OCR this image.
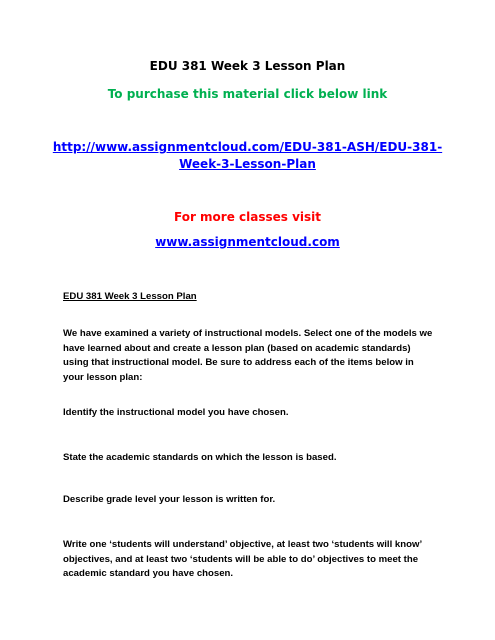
EDU 381 Week 3 Lesson Plan
To purchase this material click below link
http://www.assignmentcloud.com/EDU-381-ASH/EDU-381-Week-3-Lesson-Plan
For more classes visit
www.assignmentcloud.com

EDU 381 Week 3 Lesson Plan

We have examined a variety of instructional models. Select one of the models we have learned about and create a lesson plan (based on academic standards) using that instructional model. Be sure to address each of the items below in your lesson plan:

Identify the instructional model you have chosen.

State the academic standards on which the lesson is based.

Describe grade level your lesson is written for.

Write one ‘students will understand’ objective, at least two ‘students will know’ objectives, and at least two ‘students will be able to do’ objectives to meet the academic standard you have chosen.
